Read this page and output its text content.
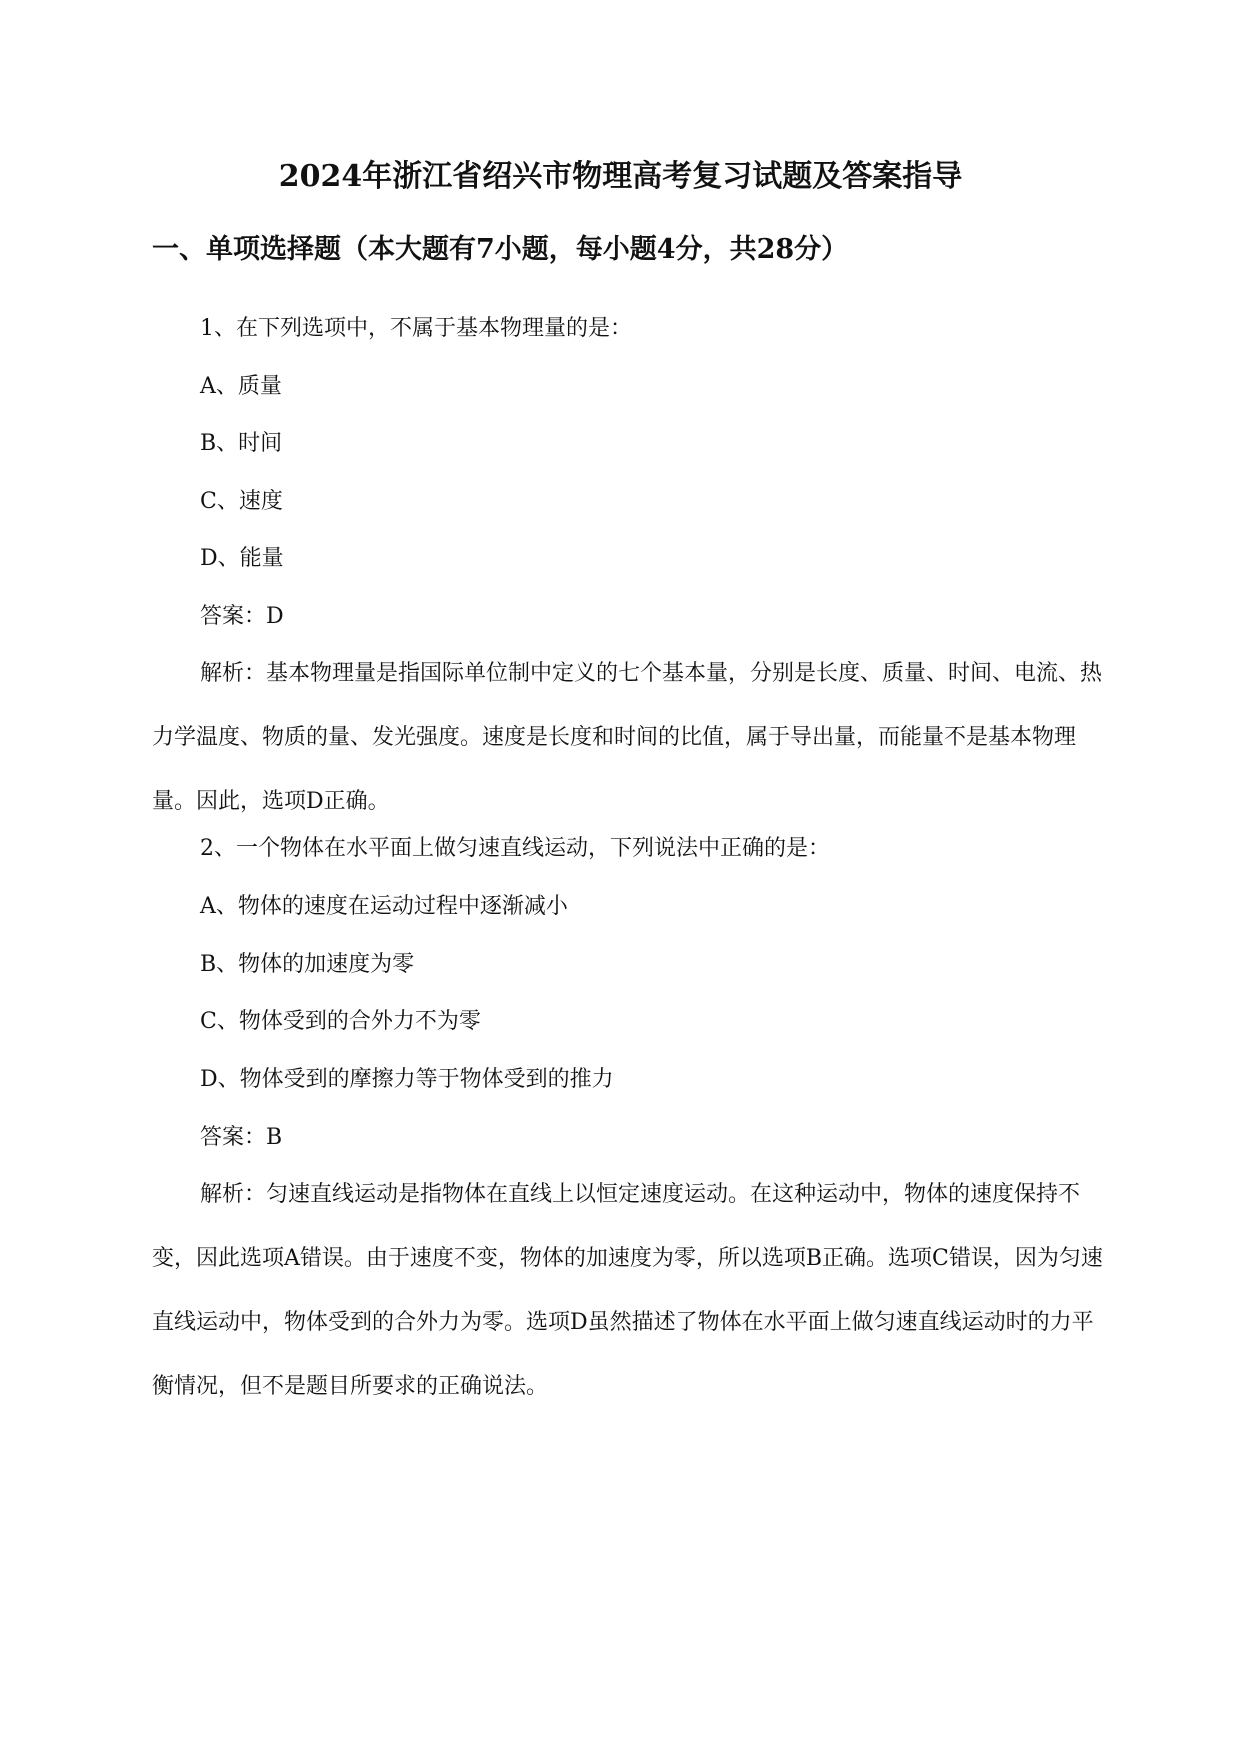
2024年浙江省绍兴市物理高考复习试题及答案指导
一、单项选择题（本大题有7小题，每小题4分，共28分）
1、在下列选项中，不属于基本物理量的是：
A、质量
B、时间
C、速度
D、能量
答案：D
解析：基本物理量是指国际单位制中定义的七个基本量，分别是长度、质量、时间、电流、热力学温度、物质的量、发光强度。速度是长度和时间的比值，属于导出量，而能量不是基本物理量。因此，选项D正确。
2、一个物体在水平面上做匀速直线运动，下列说法中正确的是：
A、物体的速度在运动过程中逐渐减小
B、物体的加速度为零
C、物体受到的合外力不为零
D、物体受到的摩擦力等于物体受到的推力
答案：B
解析：匀速直线运动是指物体在直线上以恒定速度运动。在这种运动中，物体的速度保持不变，因此选项A错误。由于速度不变，物体的加速度为零，所以选项B正确。选项C错误，因为匀速直线运动中，物体受到的合外力为零。选项D虽然描述了物体在水平面上做匀速直线运动时的力平衡情况，但不是题目所要求的正确说法。
